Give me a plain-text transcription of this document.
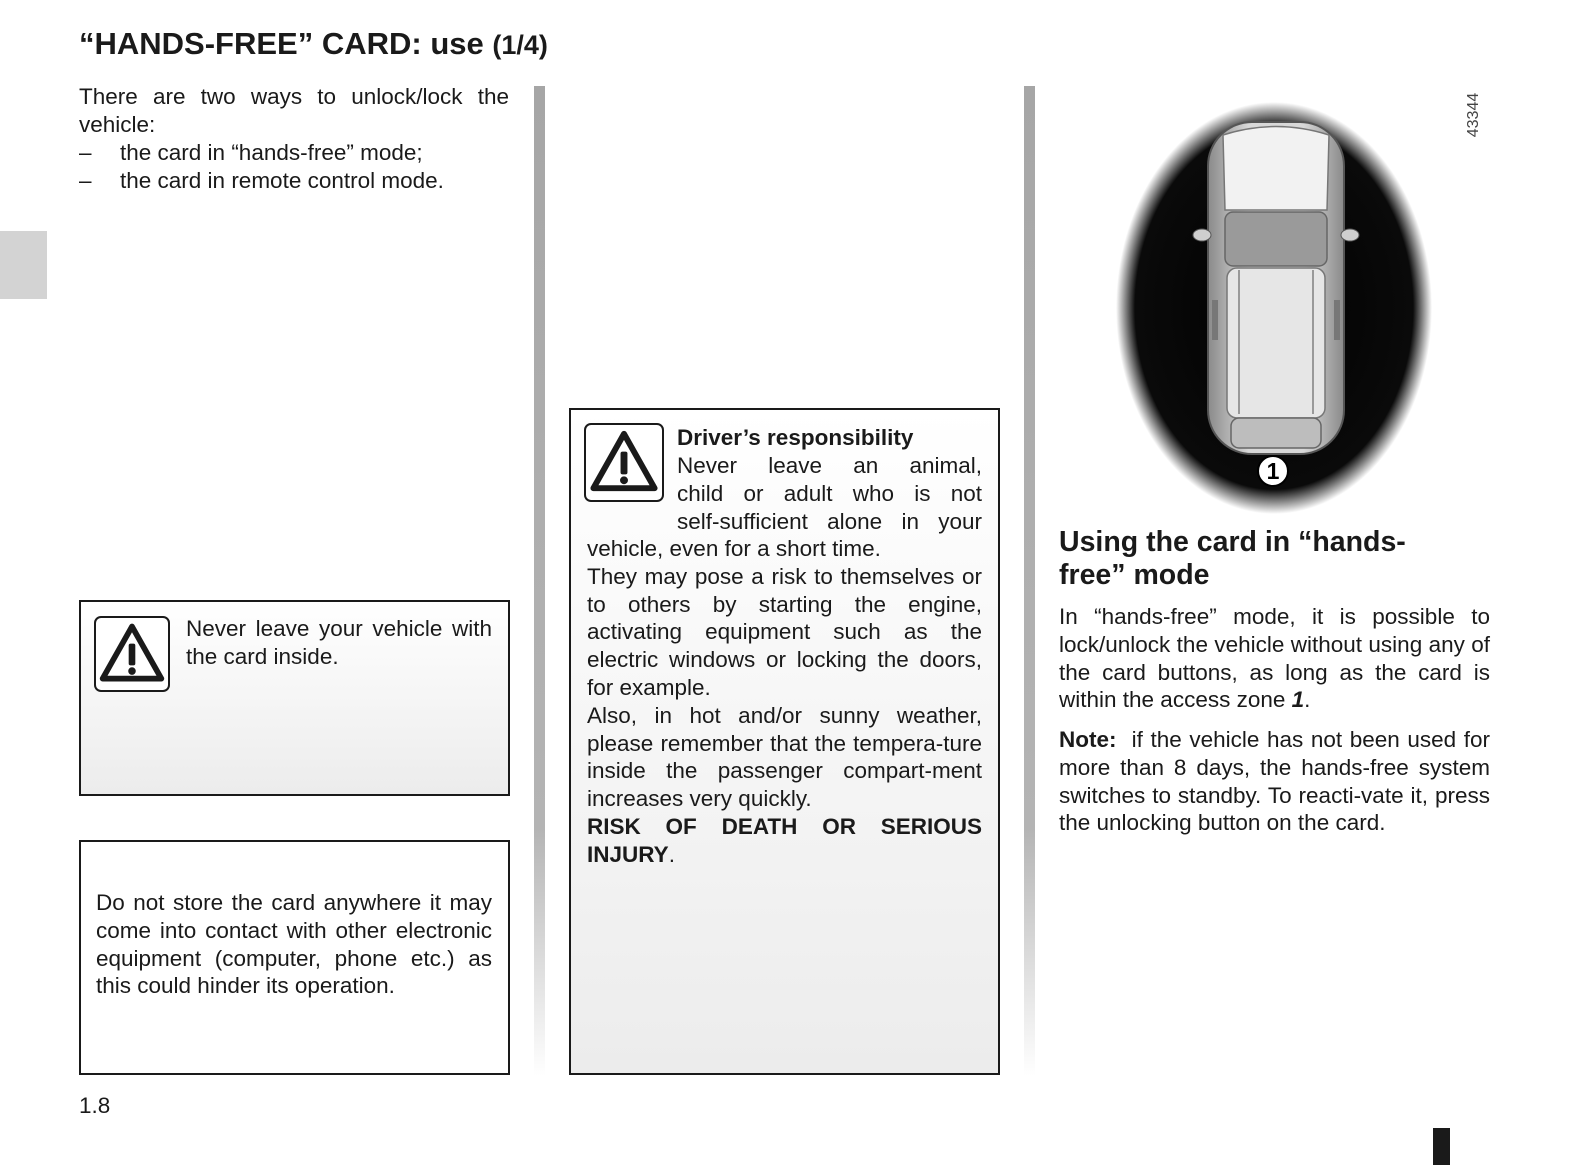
“HANDS-FREE” CARD: use (1/4)
There are two ways to unlock/lock the vehicle:
– the card in “hands-free” mode;
– the card in remote control mode.
Never leave your vehicle with the card inside.
Do not store the card anywhere it may come into contact with other electronic equipment (computer, phone etc.) as this could hinder its operation.
Driver’s responsibility
Never leave an animal,
child or adult who is not
self-sufficient alone in your
vehicle, even for a short time.
They may pose a risk to themselves or to others by starting the engine, activating equipment such as the electric windows or locking the doors, for example.
Also, in hot and/or sunny weather, please remember that the tempera-ture inside the passenger compart-ment increases very quickly.
RISK OF DEATH OR SERIOUS INJURY.
1
43344
Using the card in “hands-
free” mode
In “hands-free” mode, it is possible to lock/unlock the vehicle without using any of the card buttons, as long as the card is within the access zone 1.
Note: if the vehicle has not been used for more than 8 days, the hands-free system switches to standby. To reacti-vate it, press the unlocking button on the card.
1.8
